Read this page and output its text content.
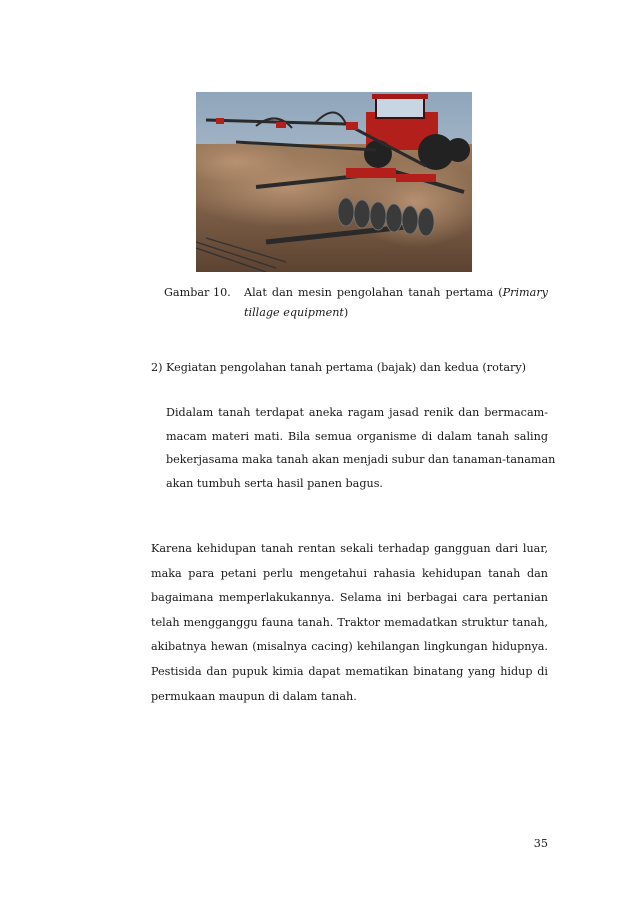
Gambar 10.	Alat dan mesin pengolahan tanah pertama (Primary
tillage equipment)
2) Kegiatan pengolahan tanah pertama (bajak) dan kedua (rotary)
Didalam tanah terdapat aneka ragam jasad renik dan bermacam-
macam materi mati. Bila semua organisme di dalam tanah saling
bekerjasama maka tanah akan menjadi subur dan tanaman-tanaman
akan tumbuh serta hasil panen bagus.
Karena kehidupan tanah rentan sekali terhadap gangguan dari luar,
maka para petani perlu mengetahui rahasia kehidupan tanah dan
bagaimana memperlakukannya. Selama ini berbagai cara pertanian
telah mengganggu fauna tanah. Traktor memadatkan struktur tanah,
akibatnya hewan (misalnya cacing) kehilangan lingkungan hidupnya.
Pestisida dan pupuk kimia dapat mematikan binatang yang hidup di
permukaan maupun di dalam tanah.
35
